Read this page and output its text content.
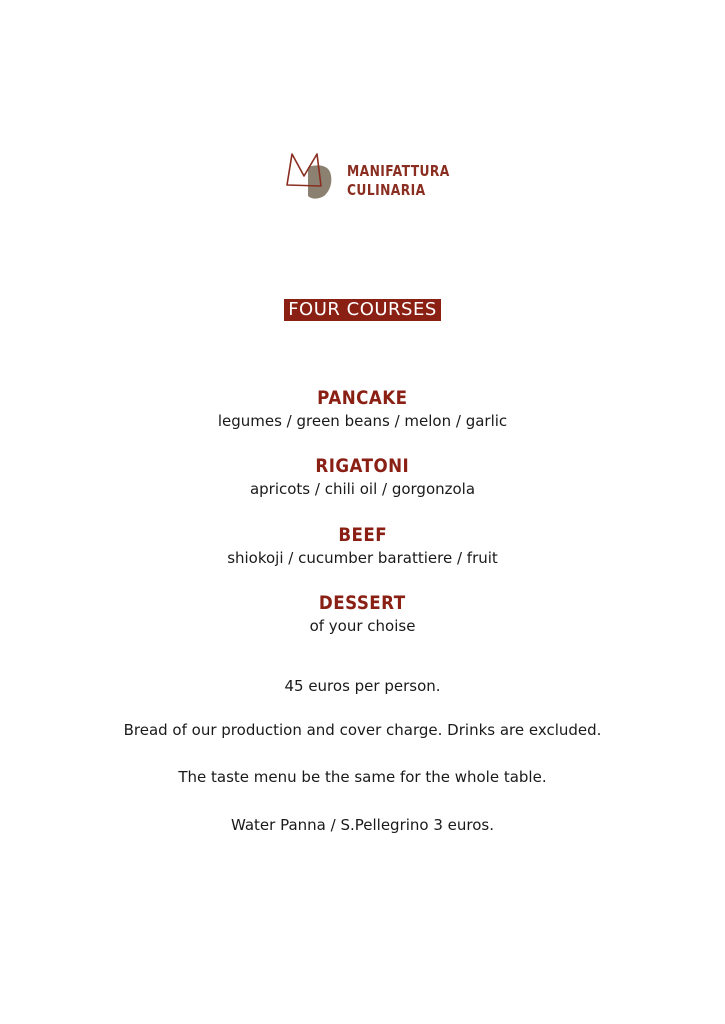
MANIFATTURA
CULINARIA
FOUR COURSES
PANCAKE
legumes / green beans / melon / garlic
RIGATONI
apricots / chili oil / gorgonzola
BEEF
shiokoji / cucumber barattiere / fruit
DESSERT
of your choise
45 euros per person.
Bread of our production and cover charge. Drinks are excluded.
The taste menu be the same for the whole table.
Water Panna / S.Pellegrino 3 euros.
